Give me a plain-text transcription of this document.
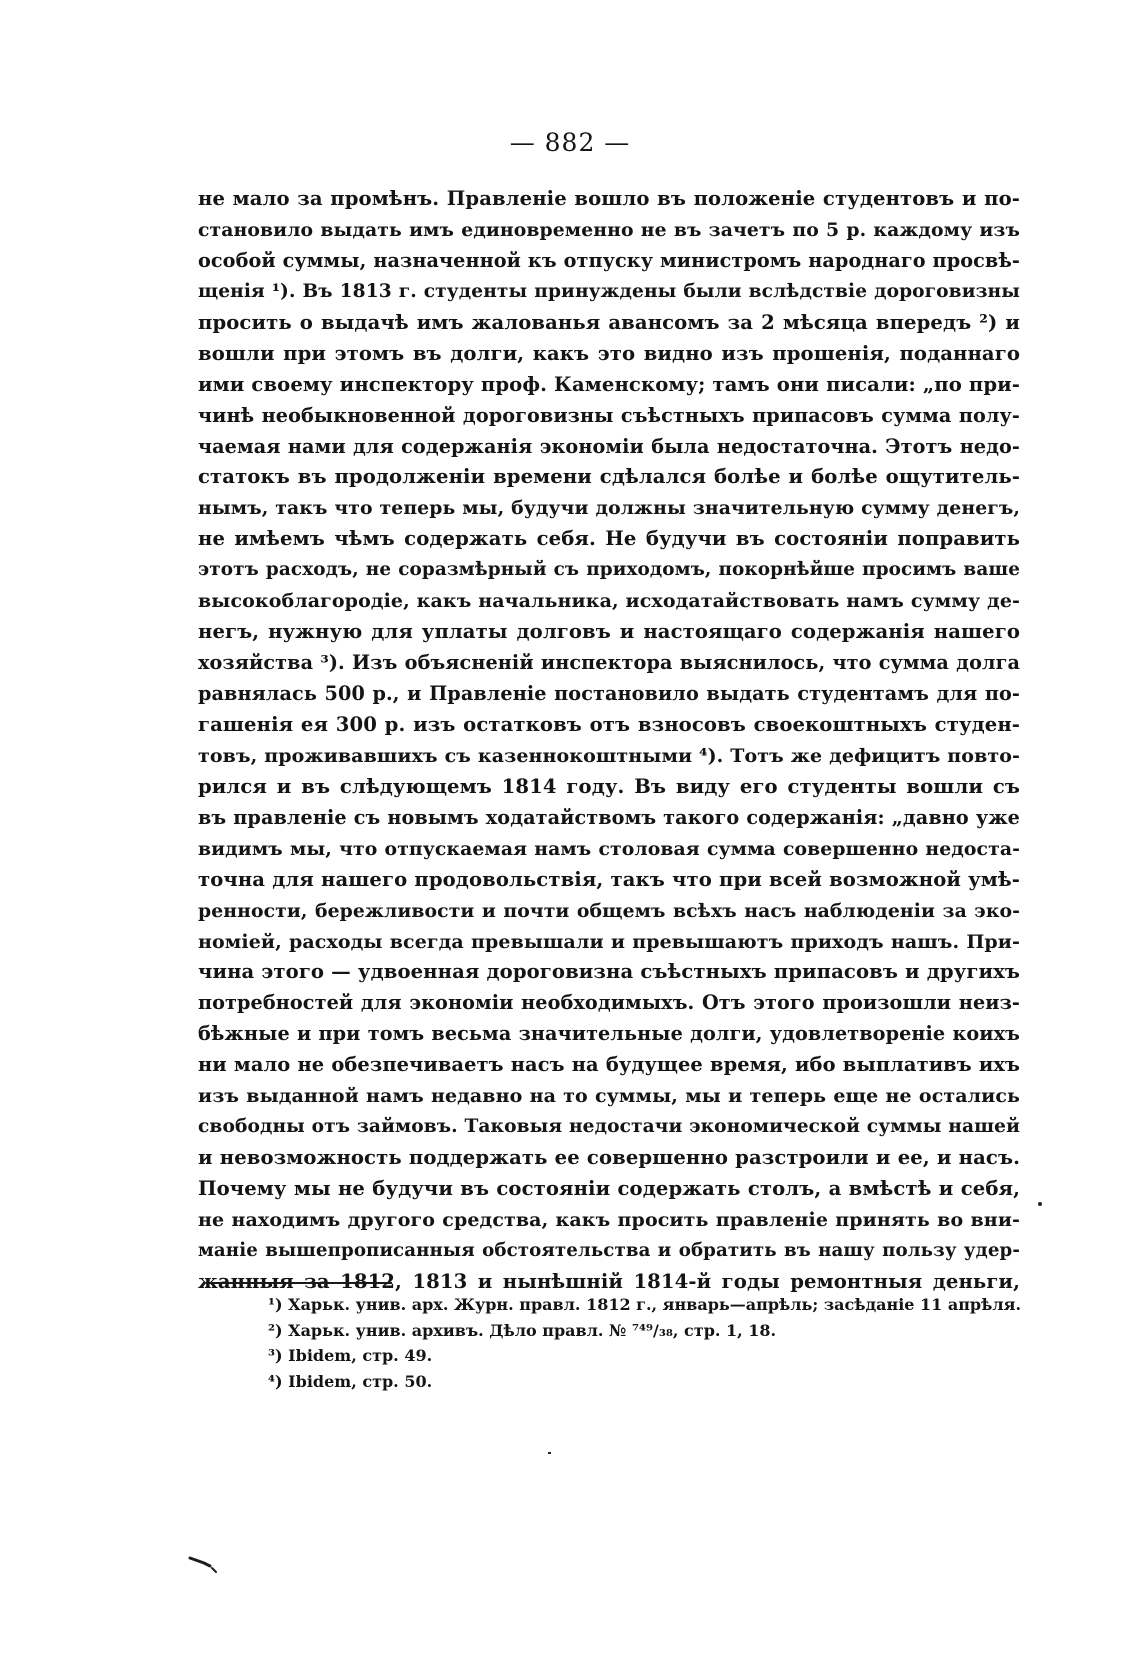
— 882 —
не мало за промѣнъ. Правленіе вошло въ положеніе студентовъ и по-
становило выдать имъ единовременно не въ зачетъ по 5 р. каждому изъ
особой суммы, назначенной къ отпуску министромъ народнаго просвѣ-
щенія ¹). Въ 1813 г. студенты принуждены были вслѣдствіе дороговизны
просить о выдачѣ имъ жалованья авансомъ за 2 мѣсяца впередъ ²) и
вошли при этомъ въ долги, какъ это видно изъ прошенія, поданнаго
ими своему инспектору проф. Каменскому; тамъ они писали: „по при-
чинѣ необыкновенной дороговизны съѣстныхъ припасовъ сумма полу-
чаемая нами для содержанія экономіи была недостаточна. Этотъ недо-
статокъ въ продолженіи времени сдѣлался болѣе и болѣе ощутитель-
нымъ, такъ что теперь мы, будучи должны значительную сумму денегъ,
не имѣемъ чѣмъ содержать себя. Не будучи въ состояніи поправить
этотъ расходъ, не соразмѣрный съ приходомъ, покорнѣйше просимъ ваше
высокоблагородіе, какъ начальника, исходатайствовать намъ сумму де-
негъ, нужную для уплаты долговъ и настоящаго содержанія нашего
хозяйства ³). Изъ объясненій инспектора выяснилось, что сумма долга
равнялась 500 р., и Правленіе постановило выдать студентамъ для по-
гашенія ея 300 р. изъ остатковъ отъ взносовъ своекоштныхъ студен-
товъ, проживавшихъ съ казеннокоштными ⁴). Тотъ же дефицитъ повто-
рился и въ слѣдующемъ 1814 году. Въ виду его студенты вошли съ
въ правленіе съ новымъ ходатайствомъ такого содержанія: „давно уже
видимъ мы, что отпускаемая намъ столовая сумма совершенно недоста-
точна для нашего продовольствія, такъ что при всей возможной умѣ-
ренности, бережливости и почти общемъ всѣхъ насъ наблюденіи за эко-
номіей, расходы всегда превышали и превышаютъ приходъ нашъ. При-
чина этого — удвоенная дороговизна съѣстныхъ припасовъ и другихъ
потребностей для экономіи необходимыхъ. Отъ этого произошли неиз-
бѣжные и при томъ весьма значительные долги, удовлетвореніе коихъ
ни мало не обезпечиваетъ насъ на будущее время, ибо выплативъ ихъ
изъ выданной намъ недавно на то суммы, мы и теперь еще не остались
свободны отъ займовъ. Таковыя недостачи экономической суммы нашей
и невозможность поддержать ее совершенно разстроили и ее, и насъ.
Почему мы не будучи въ состояніи содержать столъ, а вмѣстѣ и себя,
не находимъ другого средства, какъ просить правленіе принять во вни-
маніе вышепрописанныя обстоятельства и обратить въ нашу пользу удер-
жанныя за 1812, 1813 и нынѣшній 1814-й годы ремонтныя деньги,
¹) Харьк. унив. арх. Журн. правл. 1812 г., январь—апрѣль; засѣданіе 11 апрѣля.
²) Харьк. унив. архивъ. Дѣло правл. № ⁷⁴⁹/₃₈, стр. 1, 18.
³) Ibidem, стр. 49.
⁴) Ibidem, стр. 50.
